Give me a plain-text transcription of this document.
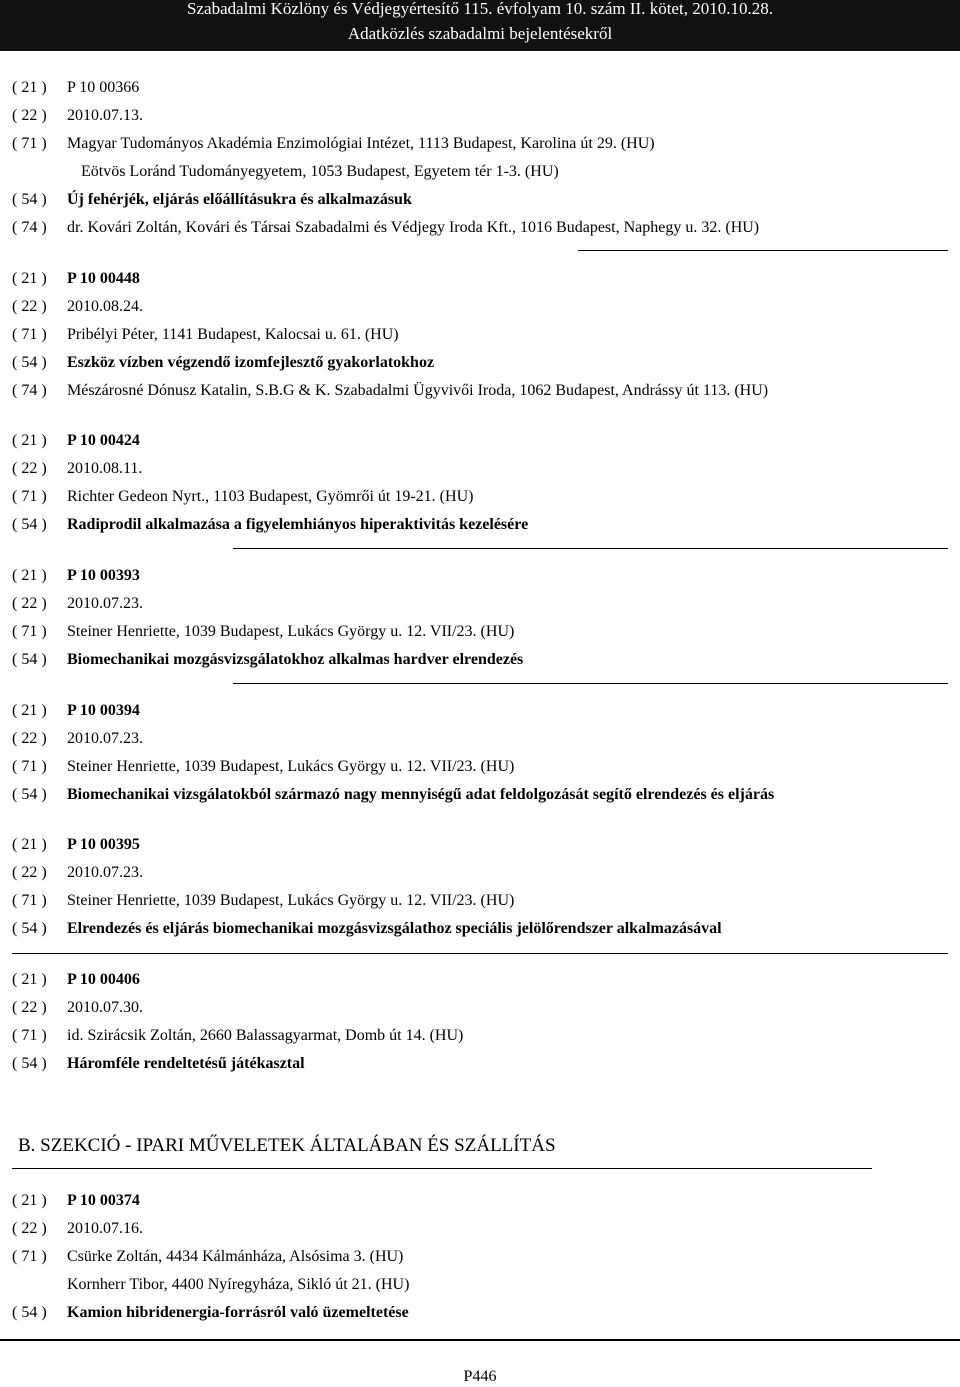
Szabadalmi Közlöny és Védjegyértesítő 115. évfolyam 10. szám II. kötet, 2010.10.28.
Adatközlés szabadalmi bejelentésekről
( 21 ) P 10 00366
( 22 ) 2010.07.13.
( 71 ) Magyar Tudományos Akadémia Enzimológiai Intézet, 1113 Budapest, Karolina út 29. (HU)
Eötvös Loránd Tudományegyetem, 1053 Budapest, Egyetem tér 1-3. (HU)
( 54 ) Új fehérjék, eljárás előállításukra és alkalmazásuk
( 74 ) dr. Kovári Zoltán, Kovári és Társai Szabadalmi és Védjegy Iroda Kft., 1016 Budapest, Naphegy u. 32. (HU)
( 21 ) P 10 00448
( 22 ) 2010.08.24.
( 71 ) Pribélyi Péter, 1141 Budapest, Kalocsai u. 61. (HU)
( 54 ) Eszköz vízben végzendő izomfejlesztő gyakorlatokhoz
( 74 ) Mészárosné Dónusz Katalin, S.B.G & K. Szabadalmi Ügyvivői Iroda, 1062 Budapest, Andrássy út 113. (HU)
( 21 ) P 10 00424
( 22 ) 2010.08.11.
( 71 ) Richter Gedeon Nyrt., 1103 Budapest, Gyömrői út 19-21. (HU)
( 54 ) Radiprodil alkalmazása a figyelemhiányos hiperaktivitás kezelésére
( 21 ) P 10 00393
( 22 ) 2010.07.23.
( 71 ) Steiner Henriette, 1039 Budapest, Lukács György u. 12. VII/23. (HU)
( 54 ) Biomechanikai mozgásvizsgálatokhoz alkalmas hardver elrendezés
( 21 ) P 10 00394
( 22 ) 2010.07.23.
( 71 ) Steiner Henriette, 1039 Budapest, Lukács György u. 12. VII/23. (HU)
( 54 ) Biomechanikai vizsgálatokból származó nagy mennyiségű adat feldolgozását segítő elrendezés és eljárás
( 21 ) P 10 00395
( 22 ) 2010.07.23.
( 71 ) Steiner Henriette, 1039 Budapest, Lukács György u. 12. VII/23. (HU)
( 54 ) Elrendezés és eljárás biomechanikai mozgásvizsgálathoz speciális jelölőrendszer alkalmazásával
( 21 ) P 10 00406
( 22 ) 2010.07.30.
( 71 ) id. Szirácsik Zoltán, 2660 Balassagyarmat, Domb út 14. (HU)
( 54 ) Háromféle rendeltetésű játékasztal
B. SZEKCIÓ - IPARI MŰVELETEK ÁLTALÁBAN ÉS SZÁLLÍTÁS
( 21 ) P 10 00374
( 22 ) 2010.07.16.
( 71 ) Csürke Zoltán, 4434 Kálmánháza, Alsósima 3. (HU)
Kornherr Tibor, 4400 Nyíregyháza, Sikló út 21. (HU)
( 54 ) Kamion hibridenergia-forrásról való üzemeltetése
P446
